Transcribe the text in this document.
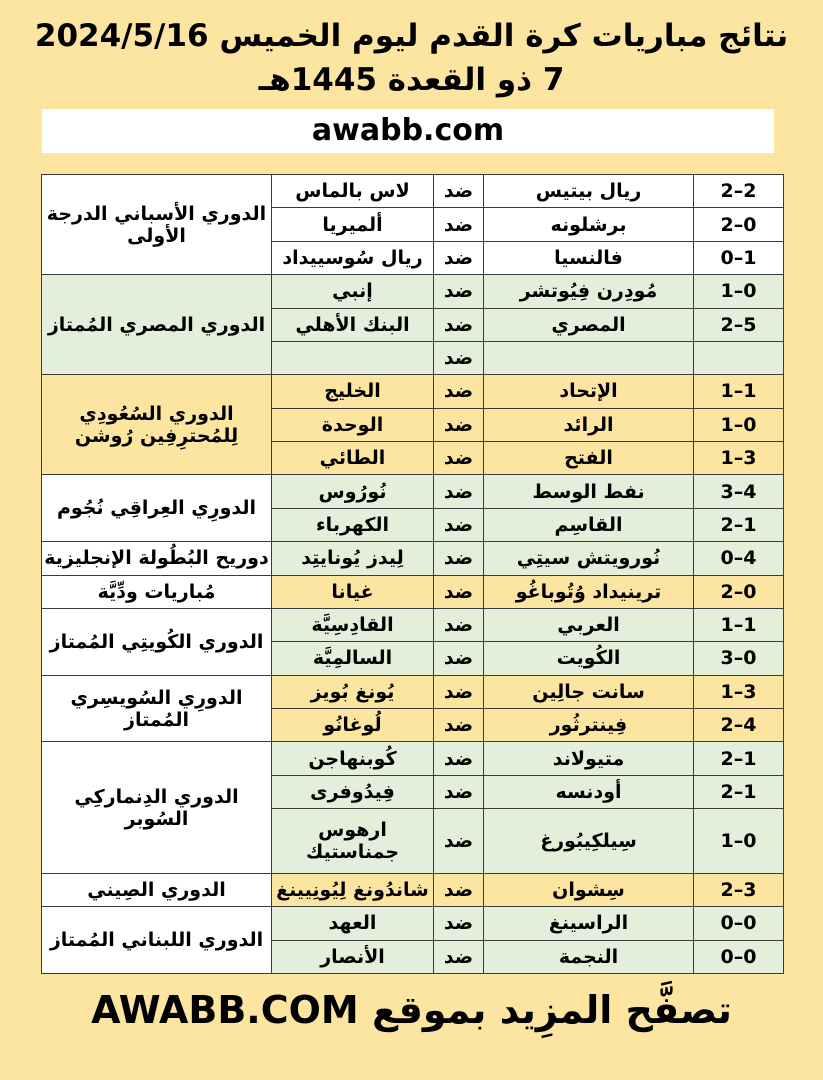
نتائج مباريات كرة القدم ليوم الخميس 2024/5/16
7 ذو القعدة 1445هـ
awabb.com
2–2	ريال بيتيس	ضد	لاس بالماس	الدوري الأسباني الدرجة الأولى
2–0	برشلونه	ضد	ألميريا	
0–1	فالنسيا	ضد	ريال سُوسييداد	
1–0	مُودِرن فِيُوتشر	ضد	إنبي	الدوري المصري المُمتاز
2–5	المصري	ضد	البنك الأهلي	
		ضد		
1–1	الإتحاد	ضد	الخليج	الدوري السُعُودِي لِلمُحترِفِين رُوشن
1–0	الرائد	ضد	الوحدة	
1–3	الفتح	ضد	الطائي	
3–4	نفط الوسط	ضد	نُورُوس	الدورِي العِراقِي نُجُوم
2–1	القاسِم	ضد	الكهرباء	
0–4	نُورويتش سيتِي	ضد	لِيدز يُونايتِد	دوريح البُطُولة الإنجليزية
2–0	ترينيداد وُتُوباغُو	ضد	غيانا	مُباريات ودِّيَّة
1–1	العربي	ضد	القادِسِيَّة	الدوري الكُويتِي المُمتاز
3–0	الكُويت	ضد	السالمِيَّة	
1–3	سانت جالِين	ضد	يُونغ بُويز	الدورِي السُويسِري المُمتاز
2–4	فِينترثُور	ضد	لُوغانُو	
2–1	متيولاند	ضد	كُوبنهاجن	الدوري الدِنماركِي السُوبر
2–1	أودنسه	ضد	فِيدُوفرى	
1–0	سِيلكِيبُورغ	ضد	ارهوس جمناستيك	
2–3	سِشوان	ضد	شاندُونغ لِيُونِيينغ	الدوري الصِيني
0–0	الراسينغ	ضد	العهد	الدوري اللبناني المُمتاز
0–0	النجمة	ضد	الأنصار	
تصفَّح المزِيد بموقع AWABB.COM
